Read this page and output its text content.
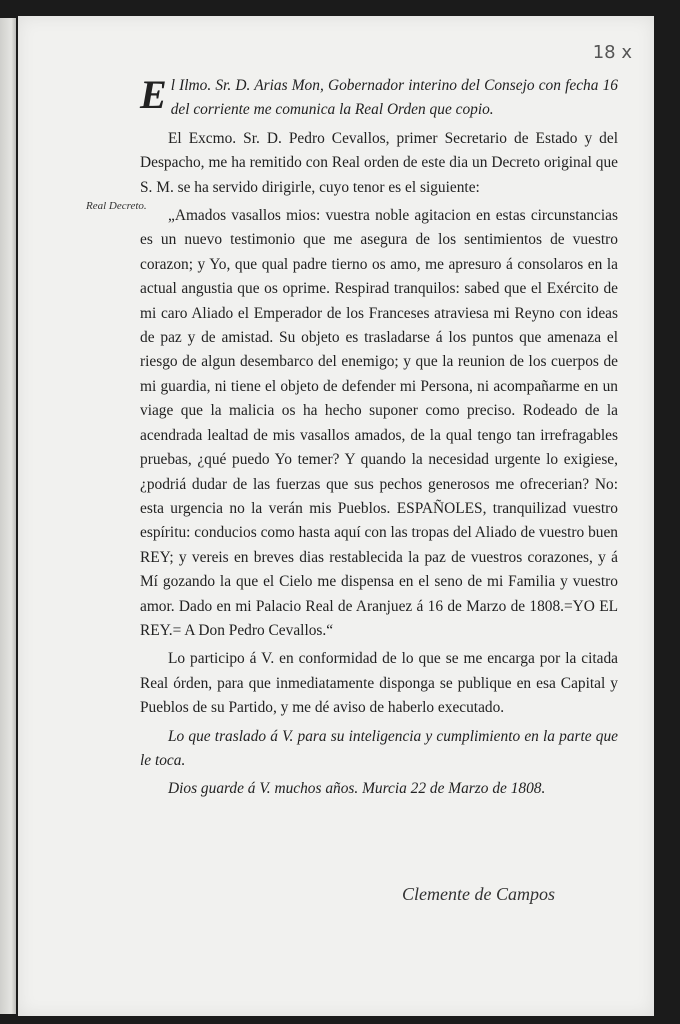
18 x
Real Decreto.

El Ilmo. Sr. D. Arias Mon, Gobernador interino del Consejo con fecha 16 del corriente me comunica la Real Orden que copio.

El Excmo. Sr. D. Pedro Cevallos, primer Secretario de Estado y del Despacho, me ha remitido con Real orden de este dia un Decreto original que S. M. se ha servido dirigirle, cuyo tenor es el siguiente:

„Amados vasallos mios: vuestra noble agitacion en estas circunstancias es un nuevo testimonio que me asegura de los sentimientos de vuestro corazon; y Yo, que qual padre tierno os amo, me apresuro á consolaros en la actual angustia que os oprime. Respirad tranquilos: sabed que el Exército de mi caro Aliado el Emperador de los Franceses atraviesa mi Reyno con ideas de paz y de amistad. Su objeto es trasladarse á los puntos que amenaza el riesgo de algun desembarco del enemigo; y que la reunion de los cuerpos de mi guardia, ni tiene el objeto de defender mi Persona, ni acompañarme en un viage que la malicia os ha hecho suponer como preciso. Rodeado de la acendrada lealtad de mis vasallos amados, de la qual tengo tan irrefragables pruebas, ¿qué puedo Yo temer? Y quando la necesidad urgente lo exigiese, ¿podriá dudar de las fuerzas que sus pechos generosos me ofrecerian? No: esta urgencia no la verán mis Pueblos. ESPAÑOLES, tranquilizad vuestro espíritu: conducios como hasta aquí con las tropas del Aliado de vuestro buen REY; y vereis en breves dias restablecida la paz de vuestros corazones, y á Mí gozando la que el Cielo me dispensa en el seno de mi Familia y vuestro amor. Dado en mi Palacio Real de Aranjuez á 16 de Marzo de 1808.=YO EL REY.= A Don Pedro Cevallos.“

Lo participo á V. en conformidad de lo que se me encarga por la citada Real órden, para que inmediatamente disponga se publique en esa Capital y Pueblos de su Partido, y me dé aviso de haberlo executado.

Lo que traslado á V. para su inteligencia y cumplimiento en la parte que le toca.

Dios guarde á V. muchos años. Murcia 22 de Marzo de 1808.

Clemente de Campos
